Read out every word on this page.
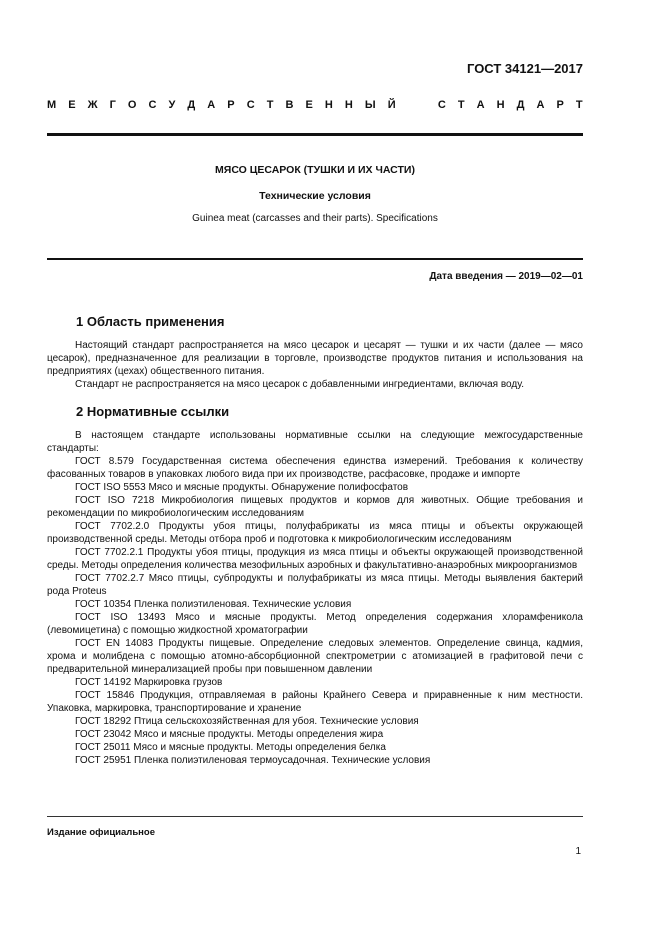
ГОСТ 34121—2017
М Е Ж Г О С У Д А Р С Т В Е Н Н Ы Й

	С Т А Н Д А Р Т
МЯСО ЦЕСАРОК (ТУШКИ И ИХ ЧАСТИ)
Технические условия
Guinea meat (carcasses and their parts). Specifications
Дата введения — 2019—02—01
1 Область применения

Настоящий стандарт распространяется на мясо цесарок и цесарят — тушки и их части (далее — мясо цесарок), предназначенное для реализации в торговле, производстве продуктов питания и использования на предприятиях (цехах) общественного питания.

Стандарт не распространяется на мясо цесарок с добавленными ингредиентами, включая воду.

2 Нормативные ссылки

В настоящем стандарте использованы нормативные ссылки на следующие межгосударственные стандарты:

ГОСТ 8.579 Государственная система обеспечения единства измерений. Требования к количеству фасованных товаров в упаковках любого вида при их производстве, расфасовке, продаже и импорте

ГОСТ ISO 5553 Мясо и мясные продукты. Обнаружение полифосфатов

ГОСТ ISO 7218 Микробиология пищевых продуктов и кормов для животных. Общие требования и рекомендации по микробиологическим исследованиям

ГОСТ 7702.2.0 Продукты убоя птицы, полуфабрикаты из мяса птицы и объекты окружающей производственной среды. Методы отбора проб и подготовка к микробиологическим исследованиям

ГОСТ 7702.2.1 Продукты убоя птицы, продукция из мяса птицы и объекты окружающей производственной среды. Методы определения количества мезофильных аэробных и факультативно-анаэробных микроорганизмов

ГОСТ 7702.2.7 Мясо птицы, субпродукты и полуфабрикаты из мяса птицы. Методы выявления бактерий рода Proteus

ГОСТ 10354 Пленка полиэтиленовая. Технические условия

ГОСТ ISO 13493 Мясо и мясные продукты. Метод определения содержания хлорамфеникола (левомицетина) с помощью жидкостной хроматографии

ГОСТ EN 14083 Продукты пищевые. Определение следовых элементов. Определение свинца, кадмия, хрома и молибдена с помощью атомно-абсорбционной спектрометрии с атомизацией в графитовой печи с предварительной минерализацией пробы при повышенном давлении

ГОСТ 14192 Маркировка грузов

ГОСТ 15846 Продукция, отправляемая в районы Крайнего Севера и приравненные к ним местности. Упаковка, маркировка, транспортирование и хранение

ГОСТ 18292 Птица сельскохозяйственная для убоя. Технические условия

ГОСТ 23042 Мясо и мясные продукты. Методы определения жира

ГОСТ 25011 Мясо и мясные продукты. Методы определения белка

ГОСТ 25951 Пленка полиэтиленовая термоусадочная. Технические условия

Издание официальное
1
